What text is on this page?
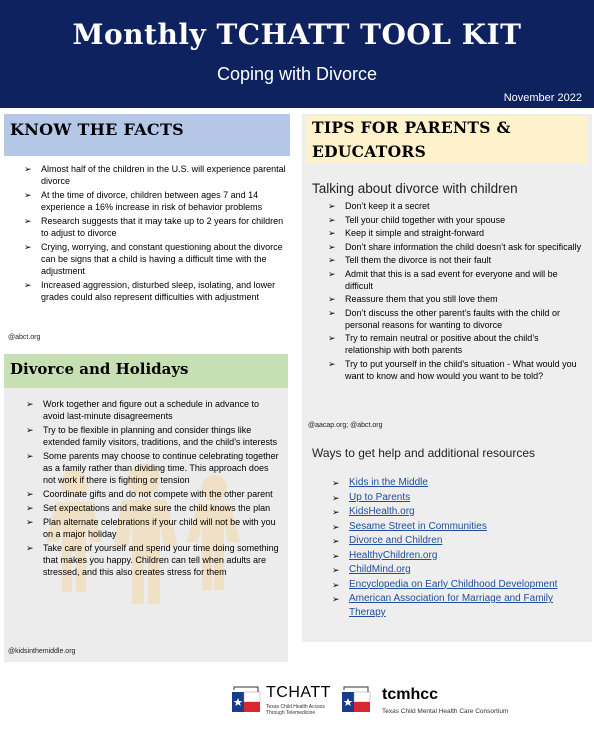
Monthly TCHATT TOOL KIT
Coping with Divorce
November 2022
KNOW THE FACTS
➢ Almost half of the children in the U.S. will experience parental divorce
➢ At the time of divorce, children between ages 7 and 14 experience a 16% increase in risk of behavior problems
➢ Research suggests that it may take up to 2 years for children to adjust to divorce
➢ Crying, worrying, and constant questioning about the divorce can be signs that a child is having a difficult time with the adjustment
➢ Increased aggression, disturbed sleep, isolating, and lower grades could also represent difficulties with adjustment
@abct.org
Divorce and Holidays
➢ Work together and figure out a schedule in advance to avoid last-minute disagreements
➢ Try to be flexible in planning and consider things like extended family visitors, traditions, and the child’s interests
➢ Some parents may choose to continue celebrating together as a family rather than dividing time. This approach does not work if there is fighting or tension
➢ Coordinate gifts and do not compete with the other parent
➢ Set expectations and make sure the child knows the plan
➢ Plan alternate celebrations if your child will not be with you on a major holiday
➢ Take care of yourself and spend your time doing something that makes you happy. Children can tell when adults are stressed, and this also creates stress for them
@kidsinthemiddle.org
TIPS FOR PARENTS & EDUCATORS
Talking about divorce with children
➢ Don’t keep it a secret
➢ Tell your child together with your spouse
➢ Keep it simple and straight-forward
➢ Don’t share information the child doesn’t ask for specifically
➢ Tell them the divorce is not their fault
➢ Admit that this is a sad event for everyone and will be difficult
➢ Reassure them that you still love them
➢ Don’t discuss the other parent’s faults with the child or personal reasons for wanting to divorce
➢ Try to remain neutral or positive about the child’s relationship with both parents
➢ Try to put yourself in the child’s situation - What would you want to know and how would you want to be told?
@aacap.org; @abct.org
Ways to get help and additional resources
➢ Kids in the Middle
➢ Up to Parents
➢ KidsHealth.org
➢ Sesame Street in Communities
➢ Divorce and Children
➢ HealthyChildren.org
➢ ChildMind.org
➢ Encyclopedia on Early Childhood Development
➢ American Association for Marriage and Family Therapy
TCHATT
Texas Child Health Access Through Telemedicine
tcmhcc
Texas Child Mental Health Care Consortium
